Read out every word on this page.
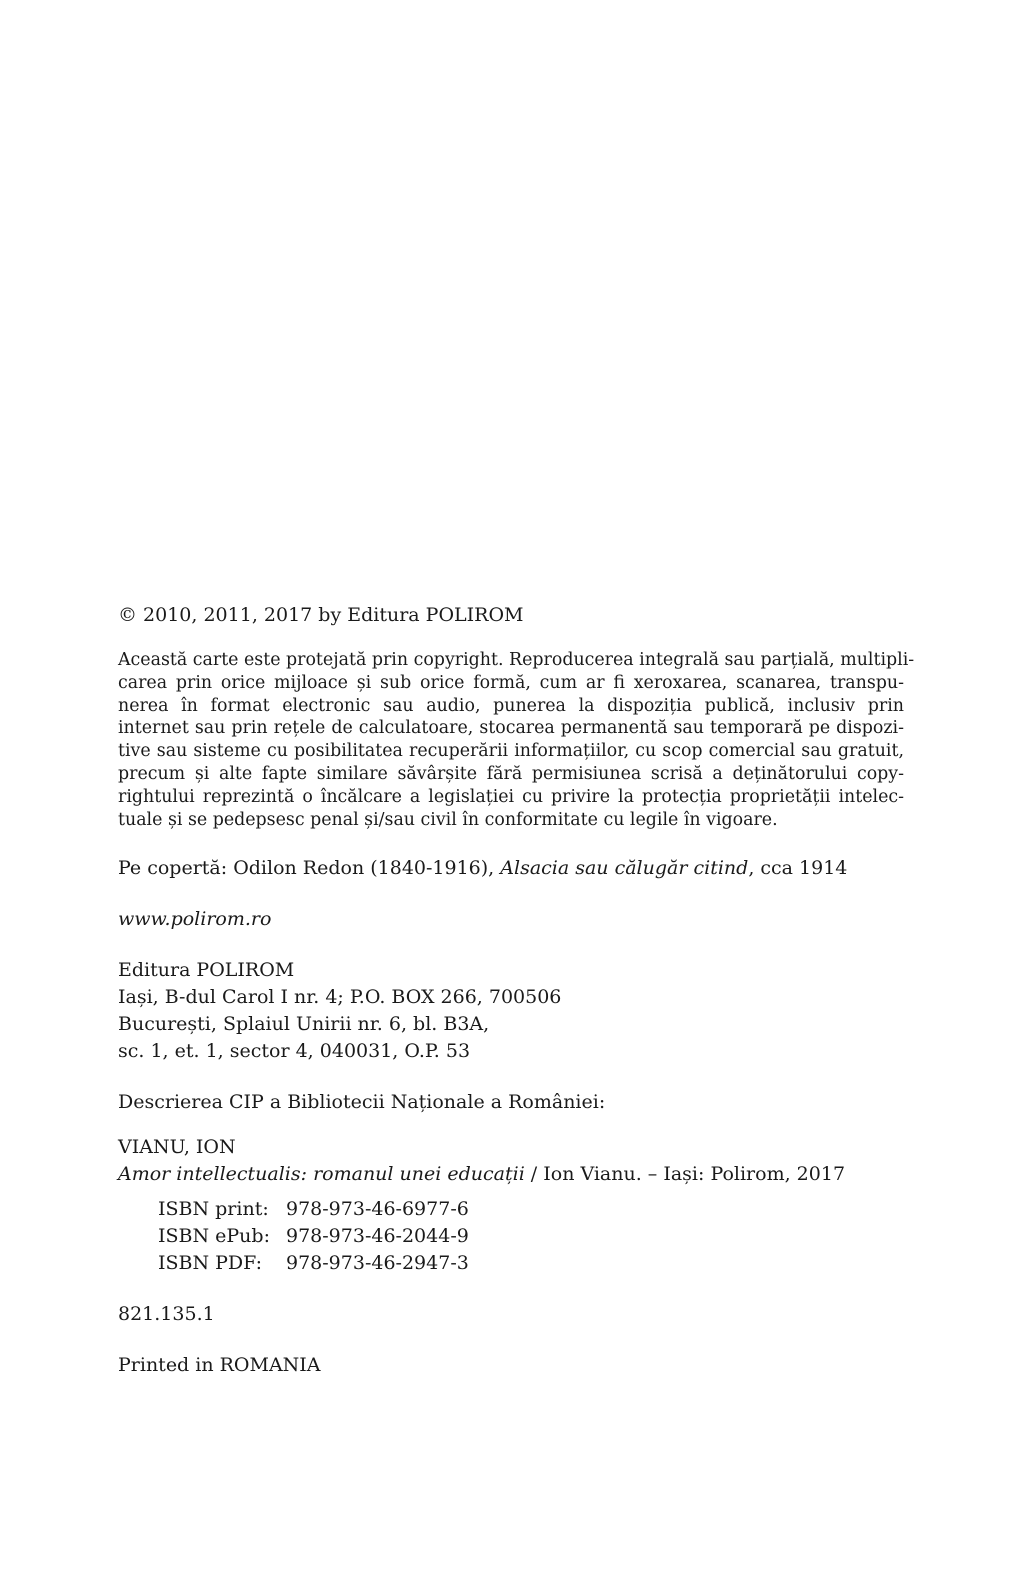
© 2010, 2011, 2017 by Editura POLIROM
Această carte este protejată prin copyright. Reproducerea integrală sau parțială, multipli-
carea prin orice mijloace și sub orice formă, cum ar fi xeroxarea, scanarea, transpu-
nerea în format electronic sau audio, punerea la dispoziția publică, inclusiv prin
internet sau prin rețele de calculatoare, stocarea permanentă sau temporară pe dispozi-
tive sau sisteme cu posibilitatea recuperării informațiilor, cu scop comercial sau gratuit,
precum și alte fapte similare săvârșite fără permisiunea scrisă a deținătorului copy-
rightului reprezintă o încălcare a legislației cu privire la protecția proprietății intelec-
tuale și se pedepsesc penal și/sau civil în conformitate cu legile în vigoare.
Pe copertă: Odilon Redon (1840-1916), Alsacia sau călugăr citind, cca 1914
www.polirom.ro
Editura POLIROM
Iași, B-dul Carol I nr. 4; P.O. BOX 266, 700506
București, Splaiul Unirii nr. 6, bl. B3A,
sc. 1, et. 1, sector 4, 040031, O.P. 53
Descrierea CIP a Bibliotecii Naționale a României:
VIANU, ION
Amor intellectualis: romanul unei educații / Ion Vianu. – Iași: Polirom, 2017
ISBN print: 978-973-46-6977-6
ISBN ePub: 978-973-46-2044-9
ISBN PDF:	978-973-46-2947-3
821.135.1
Printed in ROMANIA
